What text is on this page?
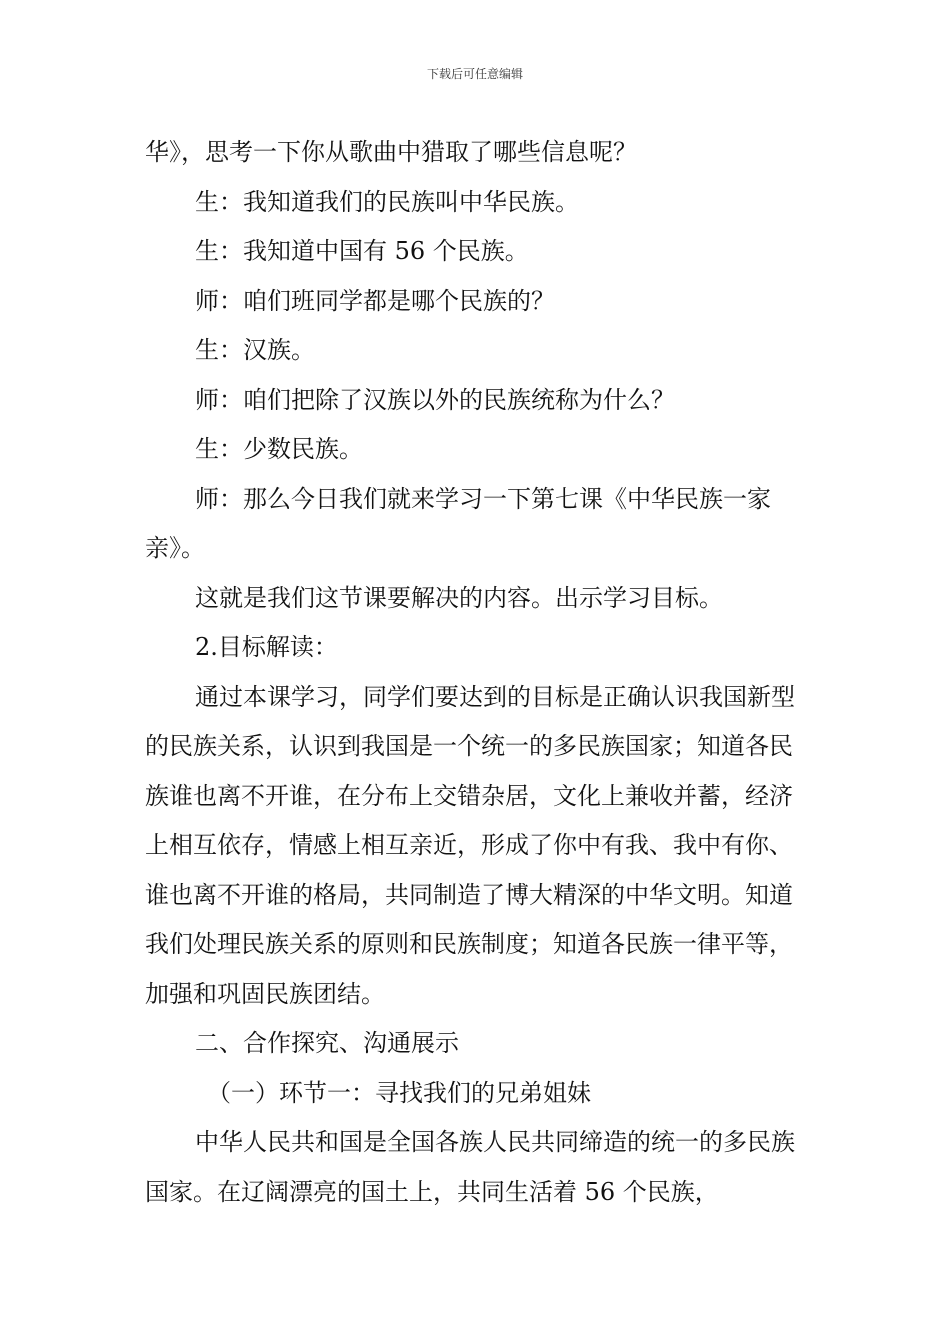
下载后可任意编辑

华》，思考一下你从歌曲中猎取了哪些信息呢？

生：我知道我们的民族叫中华民族。

生：我知道中国有 56 个民族。

师：咱们班同学都是哪个民族的？

生：汉族。

师：咱们把除了汉族以外的民族统称为什么？

生：少数民族。

师：那么今日我们就来学习一下第七课《中华民族一家亲》。

这就是我们这节课要解决的内容。出示学习目标。

2.目标解读：

通过本课学习，同学们要达到的目标是正确认识我国新型的民族关系，认识到我国是一个统一的多民族国家；知道各民族谁也离不开谁，在分布上交错杂居，文化上兼收并蓄，经济上相互依存，情感上相互亲近，形成了你中有我、我中有你、谁也离不开谁的格局，共同制造了博大精深的中华文明。知道我们处理民族关系的原则和民族制度；知道各民族一律平等，加强和巩固民族团结。

二、合作探究、沟通展示

（一）环节一：寻找我们的兄弟姐妹

中华人民共和国是全国各族人民共同缔造的统一的多民族国家。在辽阔漂亮的国土上，共同生活着 56 个民族，
